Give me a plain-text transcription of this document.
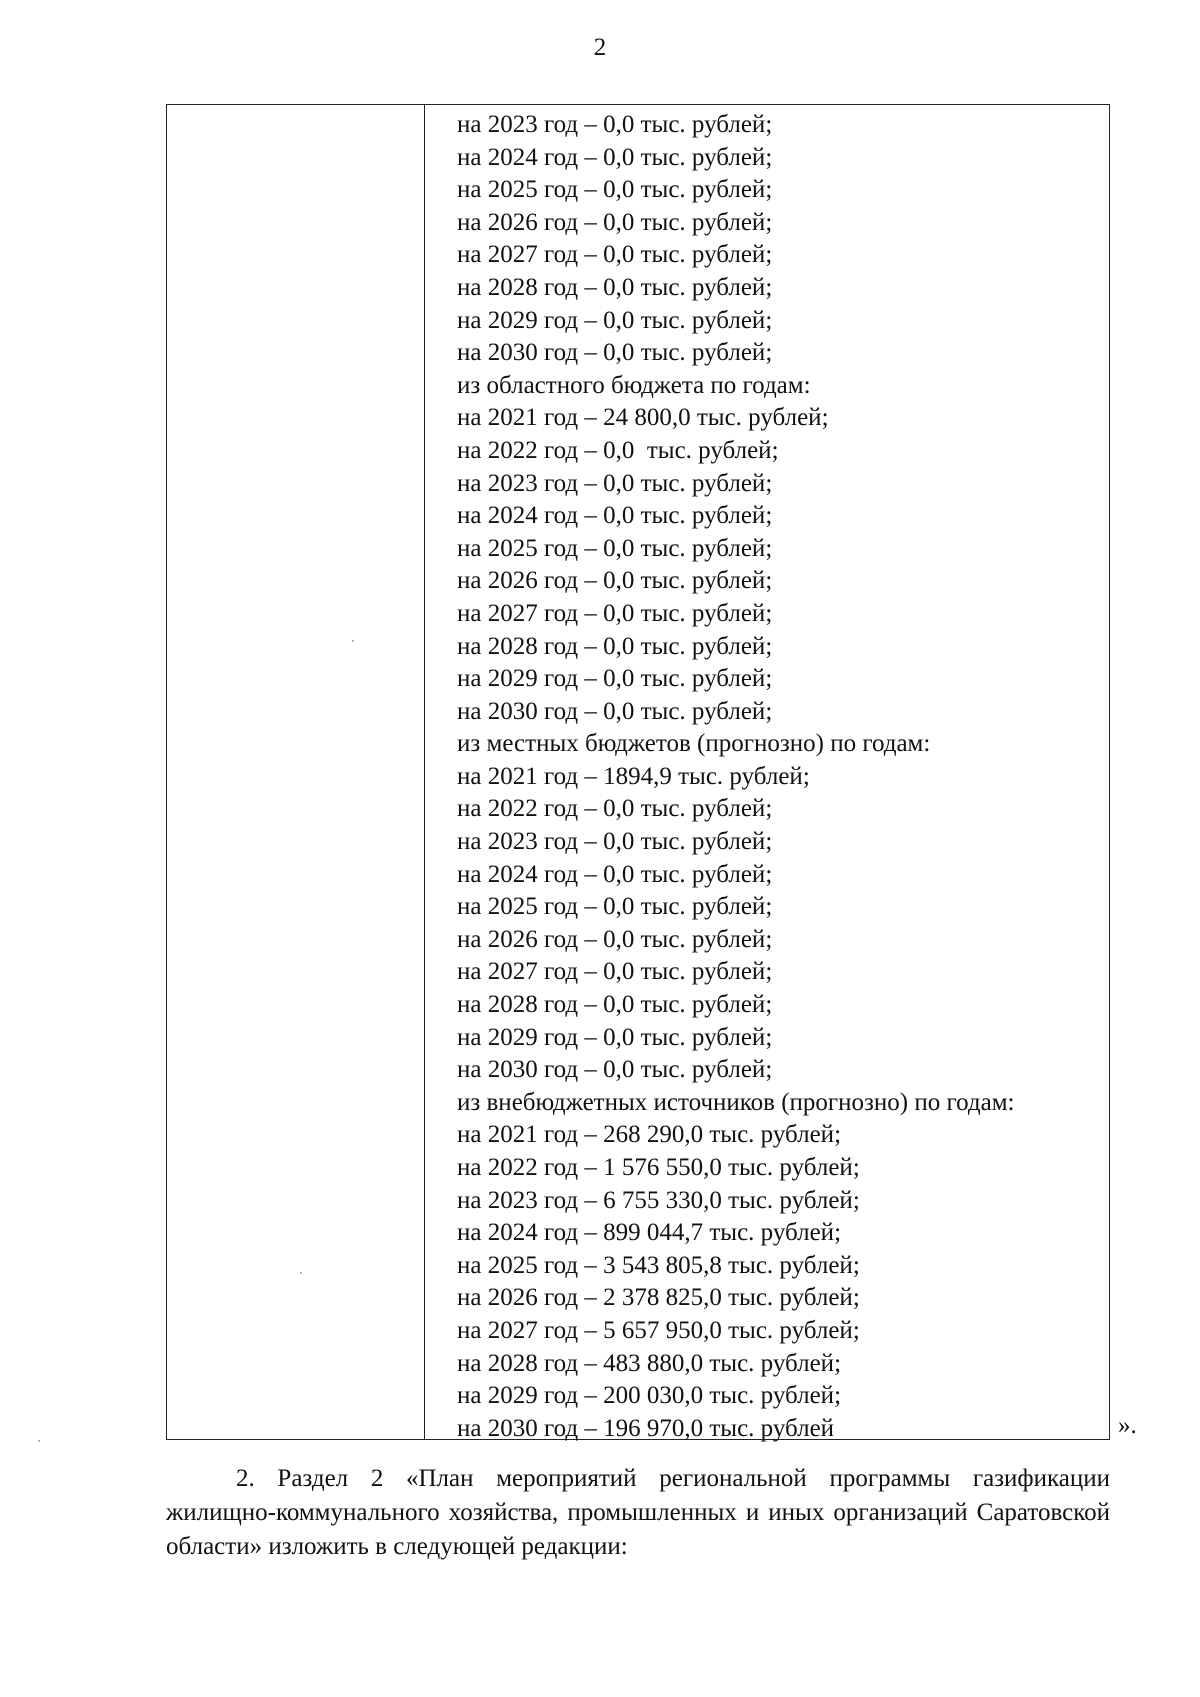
2
на 2023 год – 0,0 тыс. рублей;
на 2024 год – 0,0 тыс. рублей;
на 2025 год – 0,0 тыс. рублей;
на 2026 год – 0,0 тыс. рублей;
на 2027 год – 0,0 тыс. рублей;
на 2028 год – 0,0 тыс. рублей;
на 2029 год – 0,0 тыс. рублей;
на 2030 год – 0,0 тыс. рублей;
из областного бюджета по годам:
на 2021 год – 24 800,0 тыс. рублей;
на 2022 год – 0,0  тыс. рублей;
на 2023 год – 0,0 тыс. рублей;
на 2024 год – 0,0 тыс. рублей;
на 2025 год – 0,0 тыс. рублей;
на 2026 год – 0,0 тыс. рублей;
на 2027 год – 0,0 тыс. рублей;
на 2028 год – 0,0 тыс. рублей;
на 2029 год – 0,0 тыс. рублей;
на 2030 год – 0,0 тыс. рублей;
из местных бюджетов (прогнозно) по годам:
на 2021 год – 1894,9 тыс. рублей;
на 2022 год – 0,0 тыс. рублей;
на 2023 год – 0,0 тыс. рублей;
на 2024 год – 0,0 тыс. рублей;
на 2025 год – 0,0 тыс. рублей;
на 2026 год – 0,0 тыс. рублей;
на 2027 год – 0,0 тыс. рублей;
на 2028 год – 0,0 тыс. рублей;
на 2029 год – 0,0 тыс. рублей;
на 2030 год – 0,0 тыс. рублей;
из внебюджетных источников (прогнозно) по годам:
на 2021 год – 268 290,0 тыс. рублей;
на 2022 год – 1 576 550,0 тыс. рублей;
на 2023 год – 6 755 330,0 тыс. рублей;
на 2024 год – 899 044,7 тыс. рублей;
на 2025 год – 3 543 805,8 тыс. рублей;
на 2026 год – 2 378 825,0 тыс. рублей;
на 2027 год – 5 657 950,0 тыс. рублей;
на 2028 год – 483 880,0 тыс. рублей;
на 2029 год – 200 030,0 тыс. рублей;
на 2030 год – 196 970,0 тыс. рублей	».
2. Раздел 2 «План мероприятий региональной программы газификации жилищно-коммунального хозяйства, промышленных и иных организаций Саратовской области» изложить в следующей редакции:
